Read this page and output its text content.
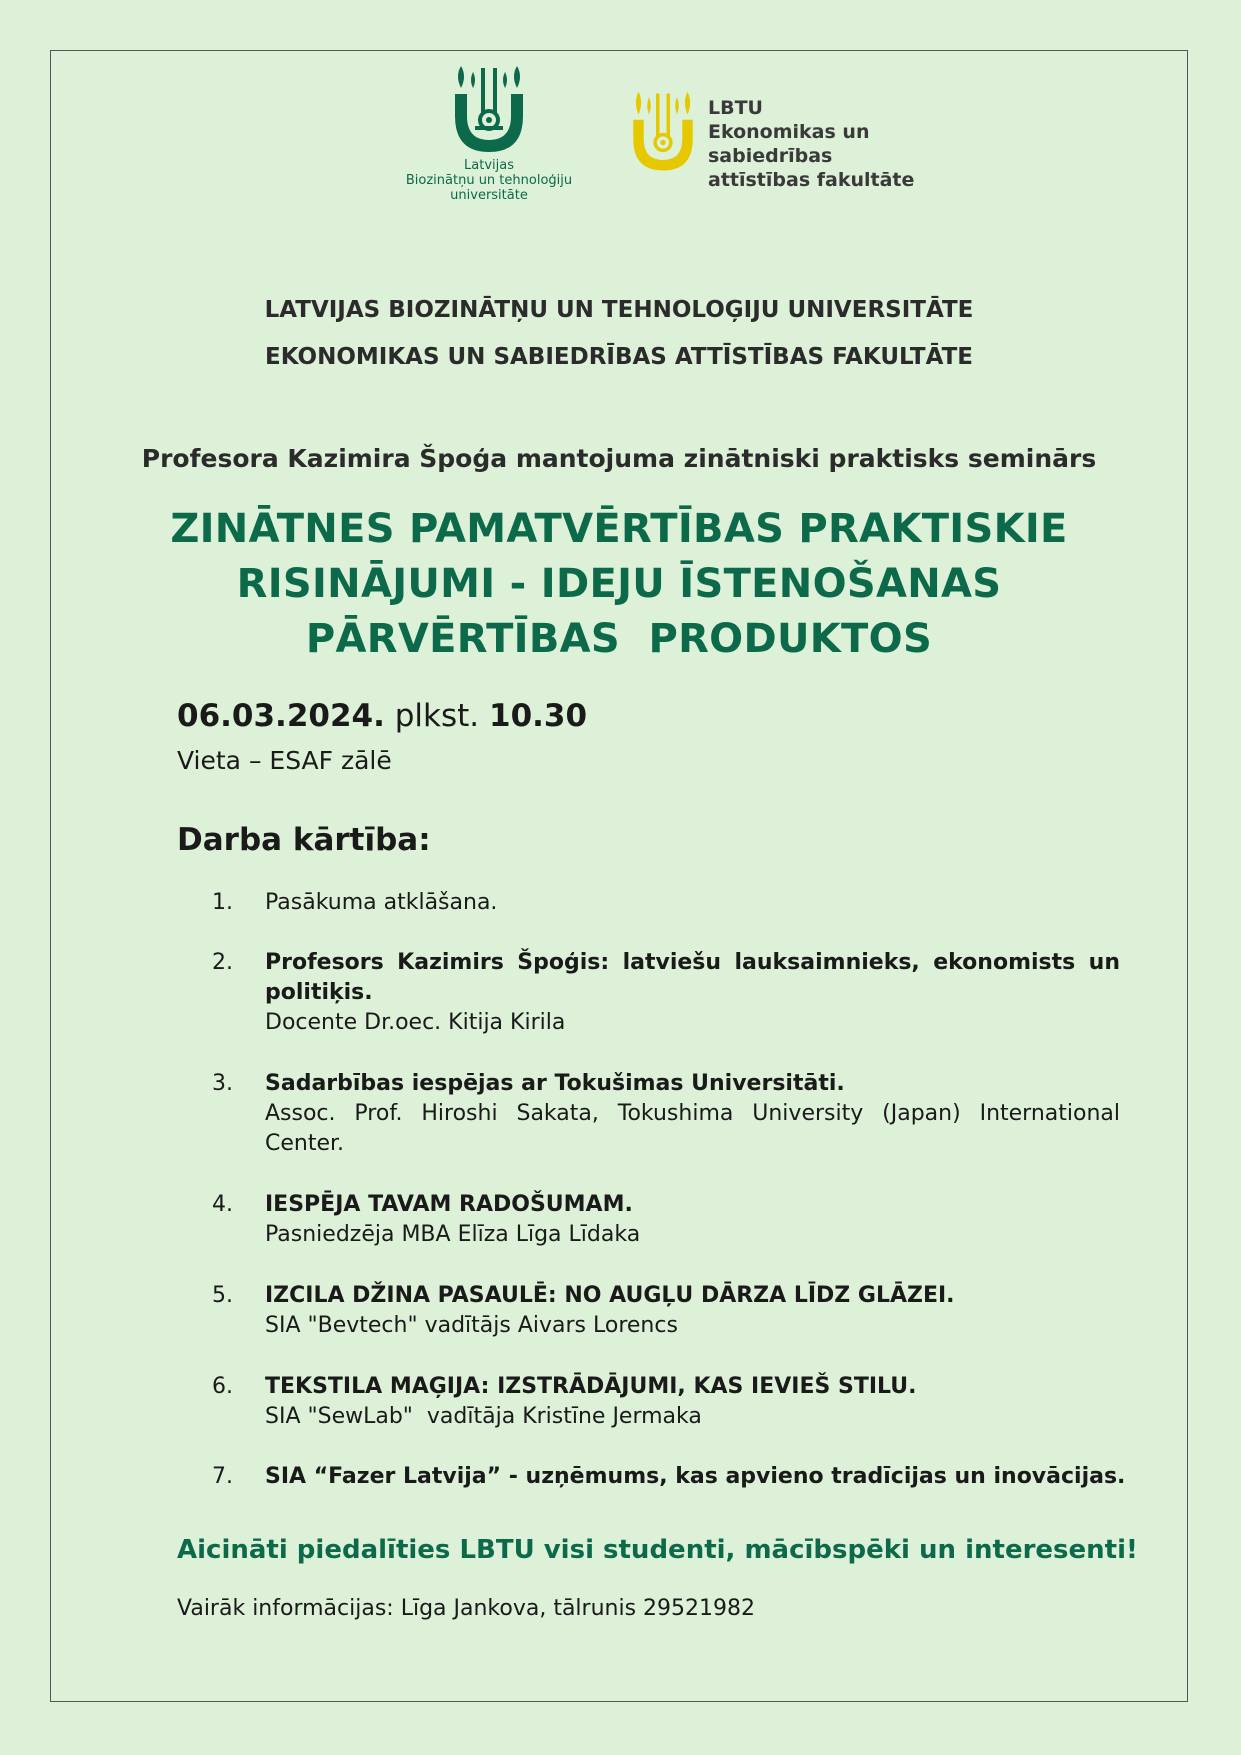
Latvijas
Biozinātņu un tehnoloģiju
universitāte
LBTU
Ekonomikas un sabiedrības
attīstības fakultāte
LATVIJAS BIOZINĀTŅU UN TEHNOLOĢIJU UNIVERSITĀTE
EKONOMIKAS UN SABIEDRĪBAS ATTĪSTĪBAS FAKULTĀTE
Profesora Kazimira Špoģa mantojuma zinātniski praktisks seminārs
ZINĀTNES PAMATVĒRTĪBAS PRAKTISKIE
RISINĀJUMI - IDEJU ĪSTENOŠANAS
PĀRVĒRTĪBAS  PRODUKTOS
06.03.2024. plkst. 10.30
Vieta – ESAF zālē
Darba kārtība:
1.	Pasākuma atklāšana.
2.	Profesors Kazimirs Špoģis: latviešu lauksaimnieks, ekonomists un politiķis.
Docente Dr.oec. Kitija Kirila
3.	Sadarbības iespējas ar Tokušimas Universitāti.
Assoc. Prof. Hiroshi Sakata, Tokushima University (Japan) International Center.
4.	IESPĒJA TAVAM RADOŠUMAM.
Pasniedzēja MBA Elīza Līga Līdaka
5.	IZCILA DŽINA PASAULĒ: NO AUGĻU DĀRZA LĪDZ GLĀZEI.
SIA "Bevtech" vadītājs Aivars Lorencs
6.	TEKSTILA MAĢIJA: IZSTRĀDĀJUMI, KAS IEVIEŠ STILU.
SIA "SewLab"  vadītāja Kristīne Jermaka
7.	SIA “Fazer Latvija” - uzņēmums, kas apvieno tradīcijas un inovācijas.
Aicināti piedalīties LBTU visi studenti, mācībspēki un interesenti!
Vairāk informācijas: Līga Jankova, tālrunis 29521982
